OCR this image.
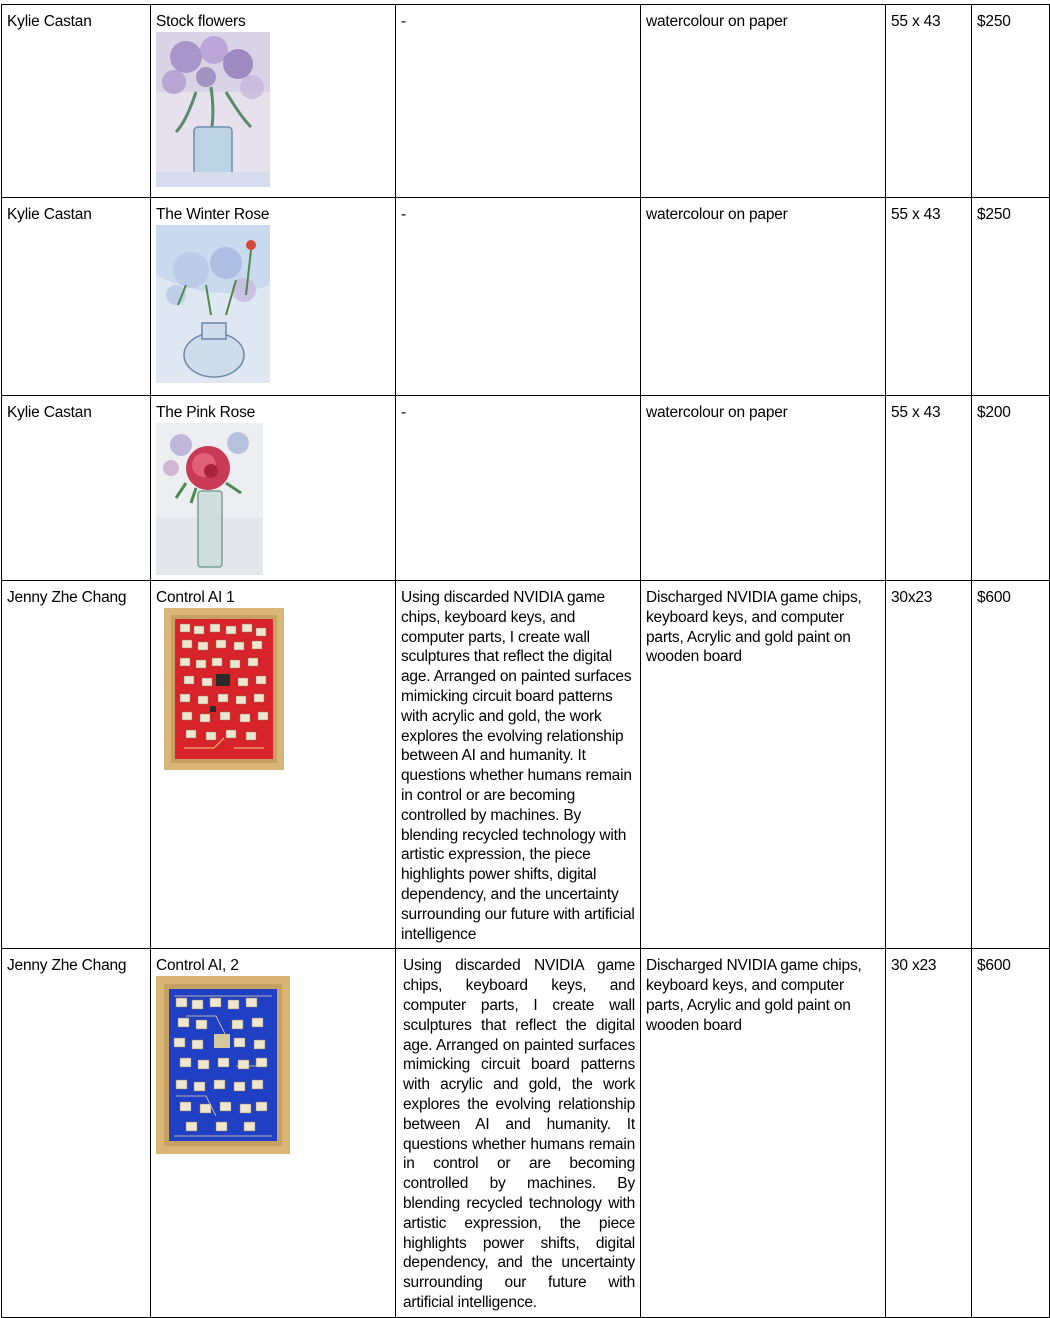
Kylie Castan	Stock flowers	-	watercolour on paper	55 x 43	$250
Kylie Castan	The Winter Rose	-	watercolour on paper	55 x 43	$250
Kylie Castan	The Pink Rose	-	watercolour on paper	55 x 43	$200
Jenny Zhe Chang	Control AI 1	Using discarded NVIDIA game chips, keyboard keys, and computer parts, I create wall sculptures that reflect the digital age. Arranged on painted surfaces mimicking circuit board patterns with acrylic and gold, the work explores the evolving relationship between AI and humanity. It questions whether humans remain in control or are becoming controlled by machines. By blending recycled technology with artistic expression, the piece highlights power shifts, digital dependency, and the uncertainty surrounding our future with artificial intelligence	Discharged NVIDIA game chips, keyboard keys, and computer parts, Acrylic and gold paint on wooden board	30x23	$600
Jenny Zhe Chang	Control AI, 2	Using discarded NVIDIA game chips, keyboard keys, and computer parts, I create wall sculptures that reflect the digital age. Arranged on painted surfaces mimicking circuit board patterns with acrylic and gold, the work explores the evolving relationship between AI and humanity. It questions whether humans remain in control or are becoming controlled by machines. By blending recycled technology with artistic expression, the piece highlights power shifts, digital dependency, and the uncertainty surrounding our future with artificial intelligence.	Discharged NVIDIA game chips, keyboard keys, and computer parts, Acrylic and gold paint on wooden board	30 x23	$600
